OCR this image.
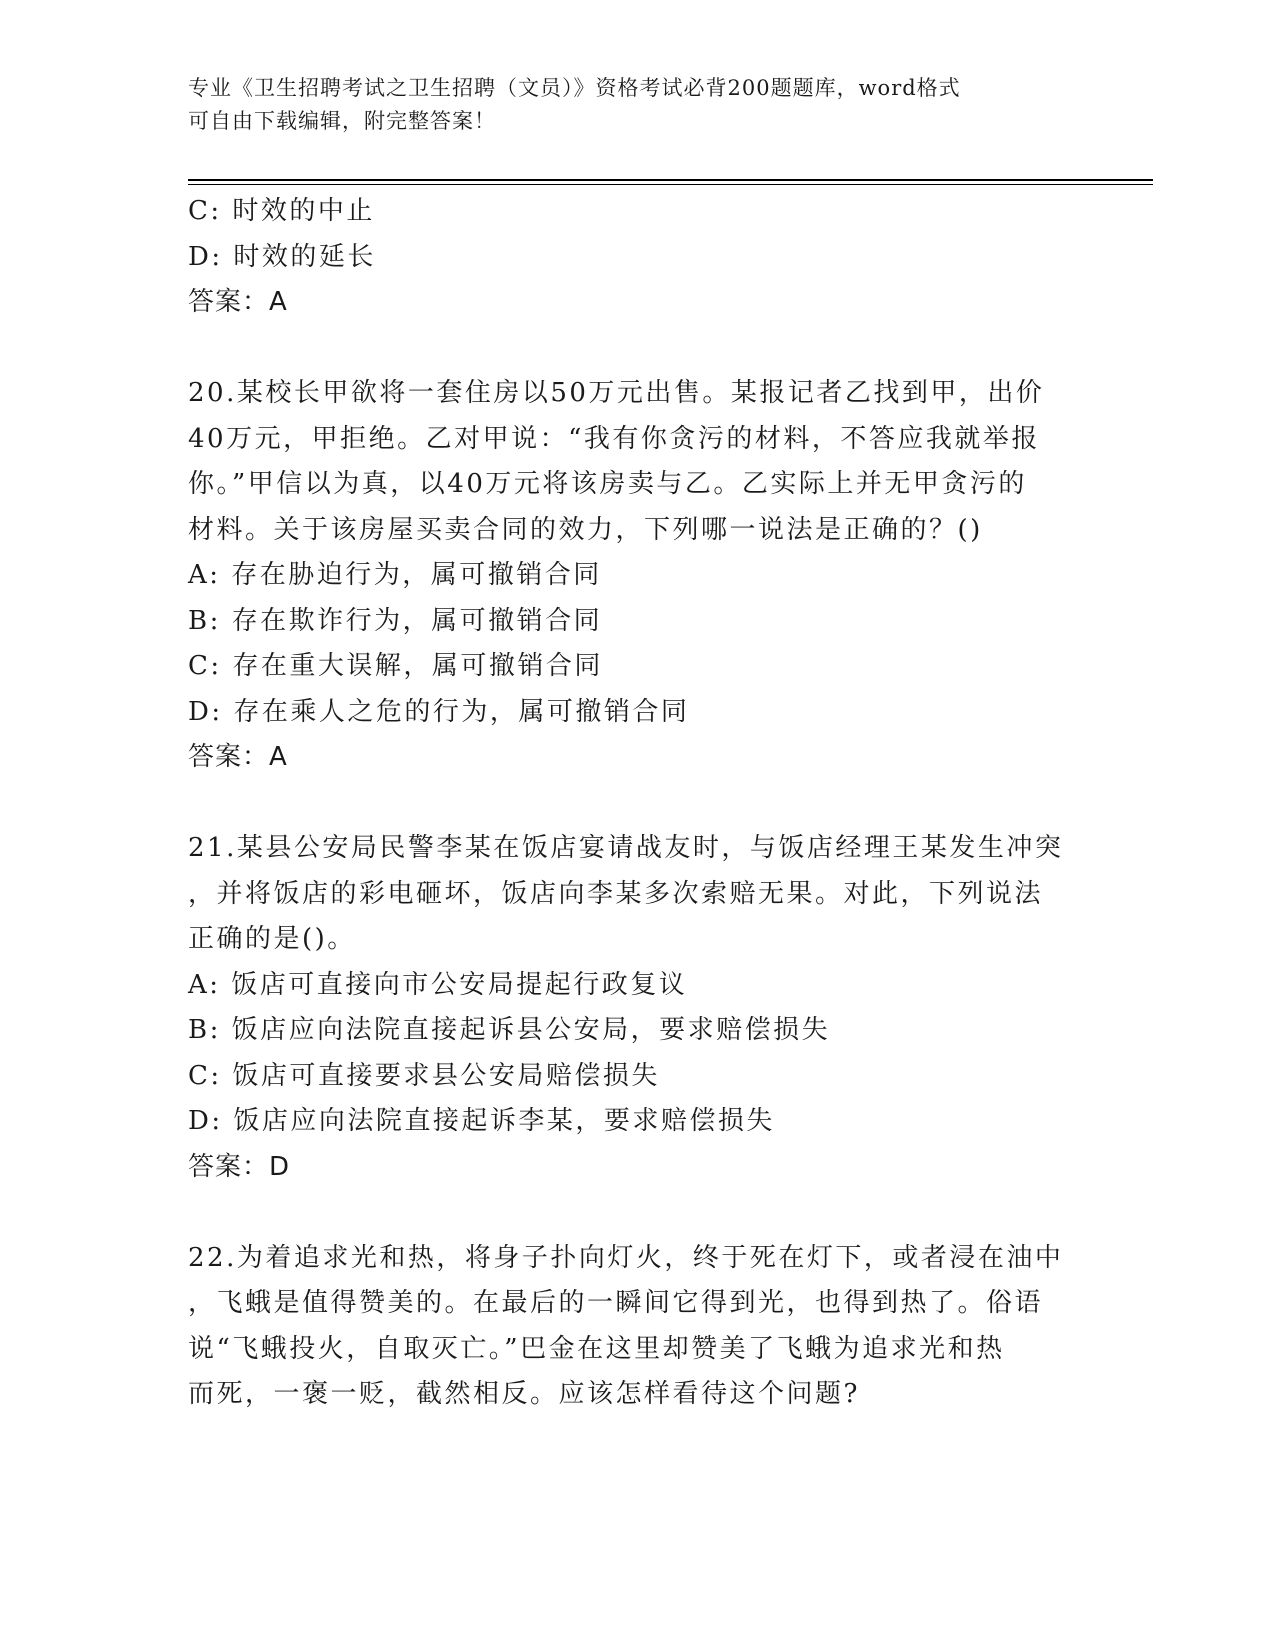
专业《卫生招聘考试之卫生招聘（文员）》资格考试必背200题题库，word格式
可自由下载编辑，附完整答案！
C: 时效的中止
D: 时效的延长
答案：A
20.某校长甲欲将一套住房以50万元出售。某报记者乙找到甲，出价
40万元，甲拒绝。乙对甲说：“我有你贪污的材料，不答应我就举报
你。”甲信以为真，以40万元将该房卖与乙。乙实际上并无甲贪污的
材料。关于该房屋买卖合同的效力，下列哪一说法是正确的？()
A: 存在胁迫行为，属可撤销合同
B: 存在欺诈行为，属可撤销合同
C: 存在重大误解，属可撤销合同
D: 存在乘人之危的行为，属可撤销合同
答案：A
21.某县公安局民警李某在饭店宴请战友时，与饭店经理王某发生冲突
，并将饭店的彩电砸坏，饭店向李某多次索赔无果。对此，下列说法
正确的是()。
A: 饭店可直接向市公安局提起行政复议
B: 饭店应向法院直接起诉县公安局，要求赔偿损失
C: 饭店可直接要求县公安局赔偿损失
D: 饭店应向法院直接起诉李某，要求赔偿损失
答案：D
22.为着追求光和热，将身子扑向灯火，终于死在灯下，或者浸在油中
，飞蛾是值得赞美的。在最后的一瞬间它得到光，也得到热了。俗语
说“飞蛾投火，自取灭亡。”巴金在这里却赞美了飞蛾为追求光和热
而死，一褒一贬，截然相反。应该怎样看待这个问题?
